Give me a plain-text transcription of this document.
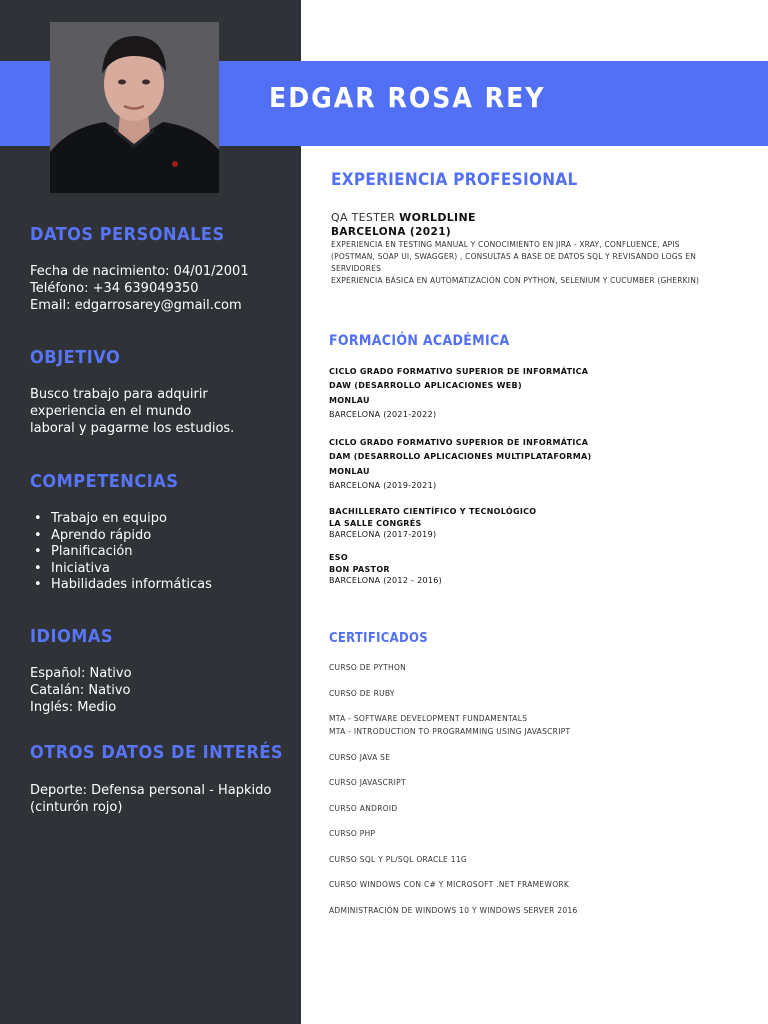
EDGAR ROSA REY
DATOS PERSONALES
Fecha de nacimiento: 04/01/2001
Teléfono: +34 639049350
Email: edgarrosarey@gmail.com
OBJETIVO
Busco trabajo para adquirir
experiencia en el mundo
laboral y pagarme los estudios.
COMPETENCIAS
• Trabajo en equipo
• Aprendo rápido
• Planificación
• Iniciativa
• Habilidades informáticas
IDIOMAS
Español: Nativo
Catalán: Nativo
Inglés: Medio
OTROS DATOS DE INTERÉS
Deporte: Defensa personal - Hapkido
(cinturón rojo)
EXPERIENCIA PROFESIONAL
QA TESTER WORLDLINE
BARCELONA (2021)
EXPERIENCIA EN TESTING MANUAL Y CONOCIMIENTO EN JIRA - XRAY, CONFLUENCE, APIS
(POSTMAN, SOAP UI, SWAGGER) , CONSULTAS A BASE DE DATOS SQL Y REVISANDO LOGS EN
SERVIDORES
EXPERIENCIA BÁSICA EN AUTOMATIZACIÓN CON PYTHON, SELENIUM Y CUCUMBER (GHERKIN)
FORMACIÓN ACADÉMICA
CICLO GRADO FORMATIVO SUPERIOR DE INFORMÁTICA
DAW (DESARROLLO APLICACIONES WEB)
MONLAU
BARCELONA (2021-2022)
CICLO GRADO FORMATIVO SUPERIOR DE INFORMÁTICA
DAM (DESARROLLO APLICACIONES MULTIPLATAFORMA)
MONLAU
BARCELONA (2019-2021)
BACHILLERATO CIENTÍFICO Y TECNOLÓGICO
LA SALLE CONGRÉS
BARCELONA (2017-2019)
ESO
BON PASTOR
BARCELONA (2012 - 2016)
CERTIFICADOS
CURSO DE PYTHON
CURSO DE RUBY
MTA - SOFTWARE DEVELOPMENT FUNDAMENTALS
MTA - INTRODUCTION TO PROGRAMMING USING JAVASCRIPT
CURSO JAVA SE
CURSO JAVASCRIPT
CURSO ANDROID
CURSO PHP
CURSO SQL Y PL/SQL ORACLE 11G
CURSO WINDOWS CON C# Y MICROSOFT .NET FRAMEWORK
ADMINISTRACIÓN DE WINDOWS 10 Y WINDOWS SERVER 2016
